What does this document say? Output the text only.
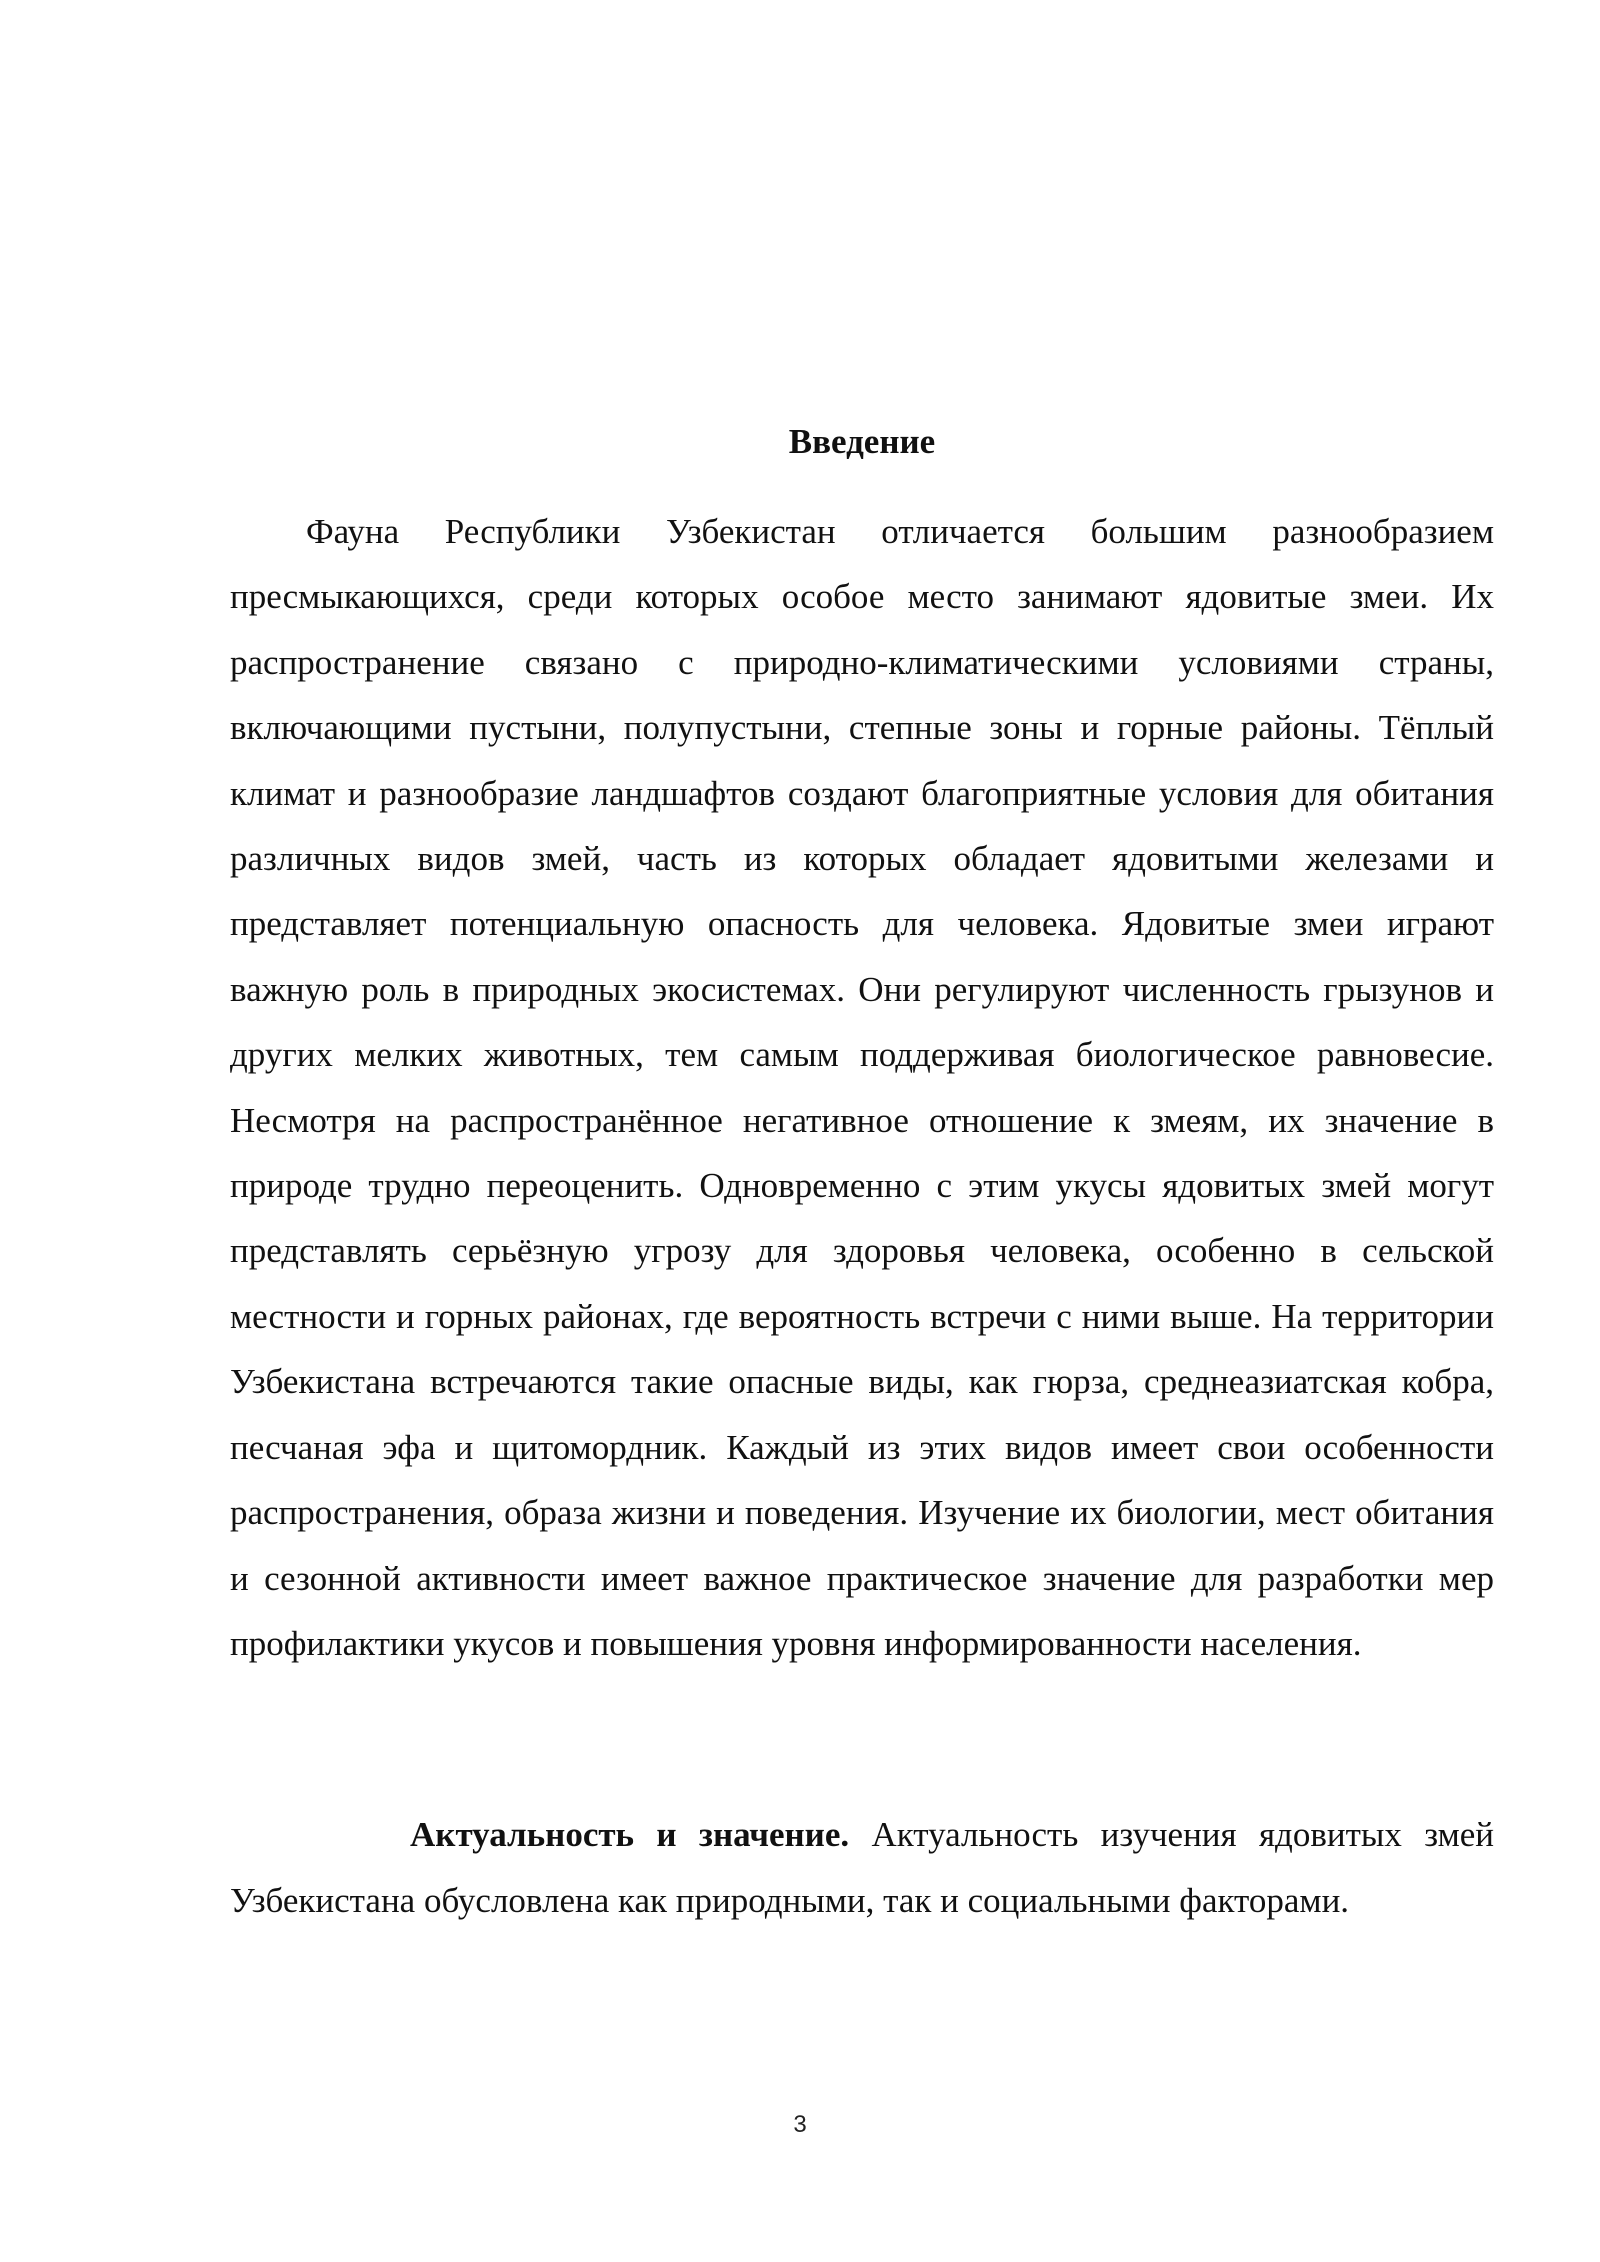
Введение

Фауна Республики Узбекистан отличается большим разнообразием пресмыкающихся, среди которых особое место занимают ядовитые змеи. Их распространение связано с природно-климатическими условиями страны, включающими пустыни, полупустыни, степные зоны и горные районы. Тёплый климат и разнообразие ландшафтов создают благоприятные условия для обитания различных видов змей, часть из которых обладает ядовитыми железами и представляет потенциальную опасность для человека. Ядовитые змеи играют важную роль в природных экосистемах. Они регулируют численность грызунов и других мелких животных, тем самым поддерживая биологическое равновесие. Несмотря на распространённое негативное отношение к змеям, их значение в природе трудно переоценить. Одновременно с этим укусы ядовитых змей могут представлять серьёзную угрозу для здоровья человека, особенно в сельской местности и горных районах, где вероятность встречи с ними выше. На территории Узбекистана встречаются такие опасные виды, как гюрза, среднеазиатская кобра, песчаная эфа и щитомордник. Каждый из этих видов имеет свои особенности распространения, образа жизни и поведения. Изучение их биологии, мест обитания и сезонной активности имеет важное практическое значение для разработки мер профилактики укусов и повышения уровня информированности населения.

Актуальность и значение. Актуальность изучения ядовитых змей Узбекистана обусловлена как природными, так и социальными факторами.

3
